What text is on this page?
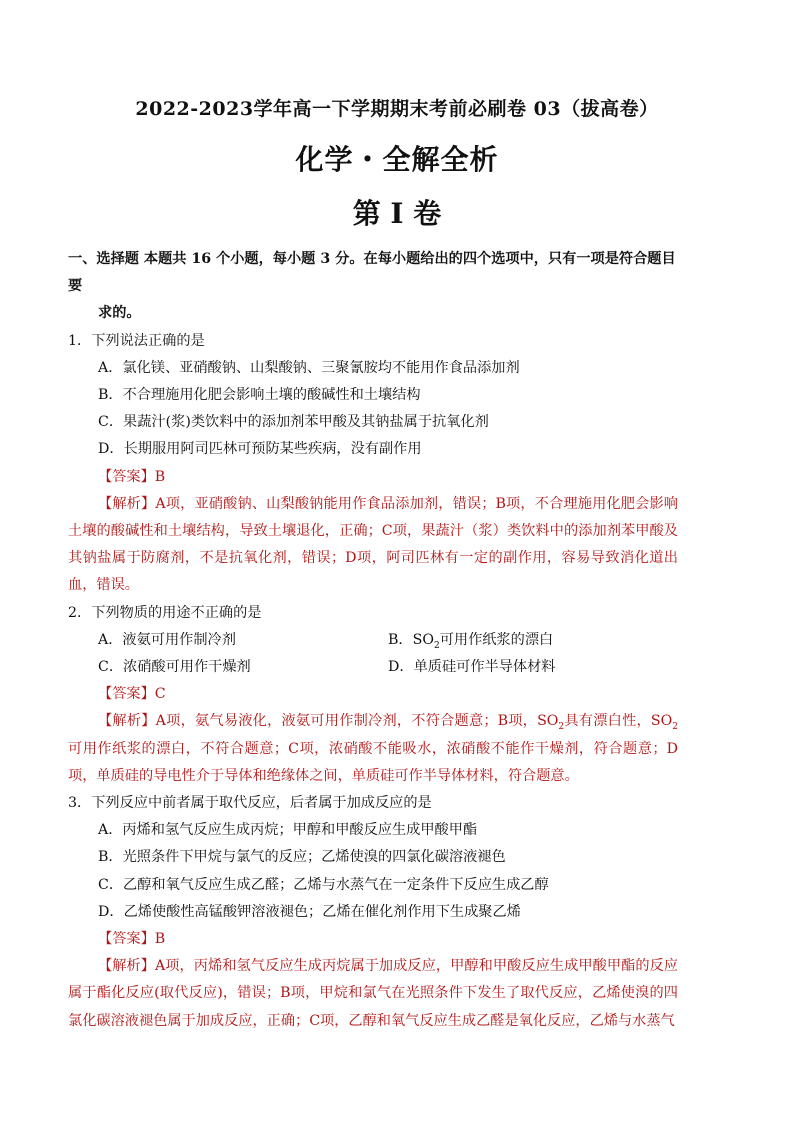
2022-2023学年高一下学期期末考前必刷卷 03（拔高卷）
化学・全解全析
第 I 卷
一、选择题 本题共 16 个小题，每小题 3 分。在每小题给出的四个选项中，只有一项是符合题目要
求的。
1．下列说法正确的是
A．氯化镁、亚硝酸钠、山梨酸钠、三聚氰胺均不能用作食品添加剂
B．不合理施用化肥会影响土壤的酸碱性和土壤结构
C．果蔬汁(浆)类饮料中的添加剂苯甲酸及其钠盐属于抗氧化剂
D．长期服用阿司匹林可预防某些疾病，没有副作用
【答案】B
【解析】A项，亚硝酸钠、山梨酸钠能用作食品添加剂，错误；B项，不合理施用化肥会影响土壤的酸碱性和土壤结构，导致土壤退化，正确；C项，果蔬汁（浆）类饮料中的添加剂苯甲酸及其钠盐属于防腐剂，不是抗氧化剂，错误；D项，阿司匹林有一定的副作用，容易导致消化道出血，错误。
2．下列物质的用途不正确的是
A．液氨可用作制冷剂	B．$SO_2$可用作纸浆的漂白
C．浓硝酸可用作干燥剂	D．单质硅可作半导体材料
【答案】C
【解析】A项，氨气易液化，液氨可用作制冷剂，不符合题意；B项，$SO_2$具有漂白性，$SO_2$可用作纸浆的漂白，不符合题意；C项，浓硝酸不能吸水，浓硝酸不能作干燥剂，符合题意；D项，单质硅的导电性介于导体和绝缘体之间，单质硅可作半导体材料，符合题意。
3．下列反应中前者属于取代反应，后者属于加成反应的是
A．丙烯和氢气反应生成丙烷；甲醇和甲酸反应生成甲酸甲酯
B．光照条件下甲烷与氯气的反应；乙烯使溴的四氯化碳溶液褪色
C．乙醇和氧气反应生成乙醛；乙烯与水蒸气在一定条件下反应生成乙醇
D．乙烯使酸性高锰酸钾溶液褪色；乙烯在催化剂作用下生成聚乙烯
【答案】B
【解析】A项，丙烯和氢气反应生成丙烷属于加成反应，甲醇和甲酸反应生成甲酸甲酯的反应属于酯化反应(取代反应)，错误；B项，甲烷和氯气在光照条件下发生了取代反应，乙烯使溴的四氯化碳溶液褪色属于加成反应，正确；C项，乙醇和氧气反应生成乙醛是氧化反应，乙烯与水蒸气
